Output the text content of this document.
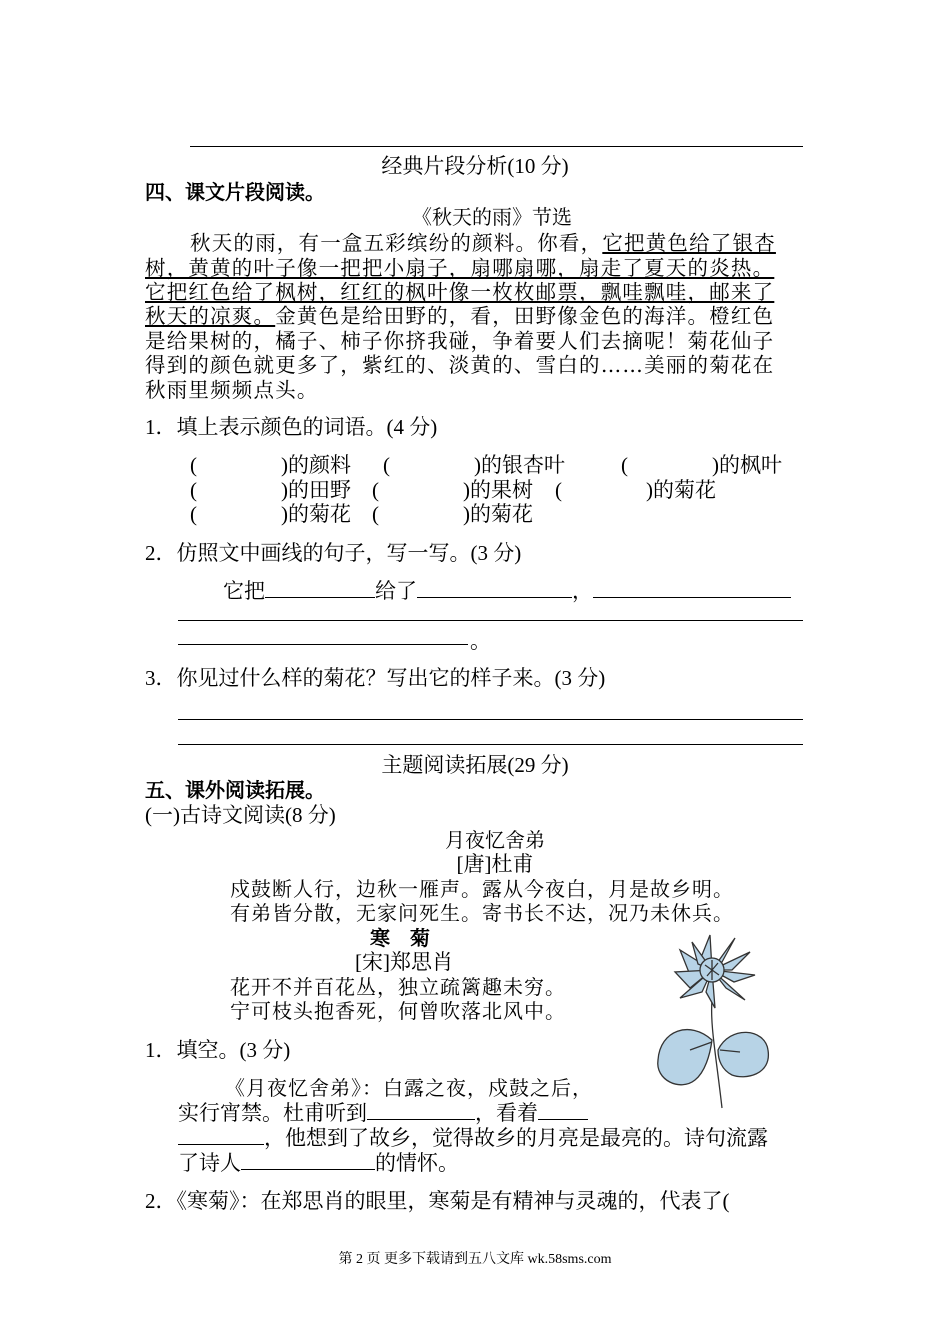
经典片段分析(10 分)
四、课文片段阅读。
《秋天的雨》节选
秋天的雨，有一盒五彩缤纷的颜料。你看，它把黄色给了银杏
树，黄黄的叶子像一把把小扇子，扇哪扇哪，扇走了夏天的炎热。
它把红色给了枫树，红红的枫叶像一枚枚邮票，飘哇飘哇，邮来了
秋天的凉爽。金黄色是给田野的，看，田野像金色的海洋。橙红色
是给果树的，橘子、柿子你挤我碰，争着要人们去摘呢！菊花仙子
得到的颜色就更多了，紫红的、淡黄的、雪白的……美丽的菊花在
秋雨里频频点头。
1．填上表示颜色的词语。(4 分)
(　　　　)的颜料 (　　　　)的银杏叶	(　　　　)的枫叶
(　　　　)的田野 (　　　　)的果树 (　　　　)的菊花
(　　　　)的菊花 (　　　　)的菊花
2．仿照文中画线的句子，写一写。(3 分)
它把	给了	，
。
3．你见过什么样的菊花？写出它的样子来。(3 分)
主题阅读拓展(29 分)
五、课外阅读拓展。
(一)古诗文阅读(8 分)
月夜忆舍弟
[唐]杜甫
戍鼓断人行，边秋一雁声。露从今夜白，月是故乡明。
有弟皆分散，无家问死生。寄书长不达，况乃未休兵。
寒　菊
[宋]郑思肖
花开不并百花丛，独立疏篱趣未穷。
宁可枝头抱香死，何曾吹落北风中。
1．填空。(3 分)
《月夜忆舍弟》：白露之夜，戍鼓之后，
实行宵禁。杜甫听到	，看着
，他想到了故乡，觉得故乡的月亮是最亮的。诗句流露
了诗人	的情怀。
2．《寒菊》：在郑思肖的眼里，寒菊是有精神与灵魂的，代表了(
第 2 页 更多下载请到五八文库 wk.58sms.com
